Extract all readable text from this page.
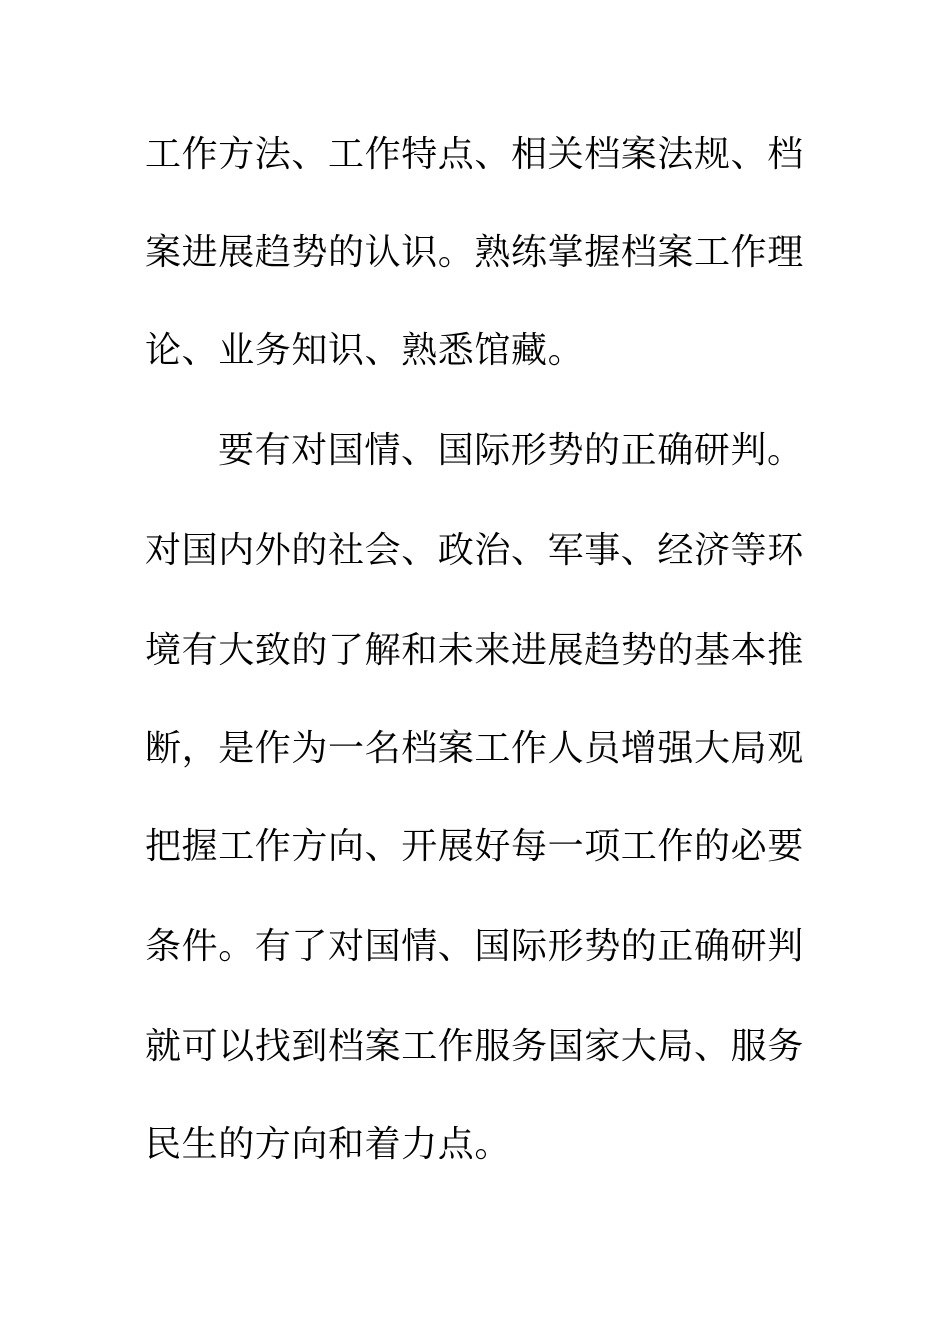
工作方法、工作特点、相关档案法规、档
案进展趋势的认识。熟练掌握档案工作理
论、业务知识、熟悉馆藏。
要有对国情、国际形势的正确研判。
对国内外的社会、政治、军事、经济等环
境有大致的了解和未来进展趋势的基本推
断，是作为一名档案工作人员增强大局观
把握工作方向、开展好每一项工作的必要
条件。有了对国情、国际形势的正确研判
就可以找到档案工作服务国家大局、服务
民生的方向和着力点。
